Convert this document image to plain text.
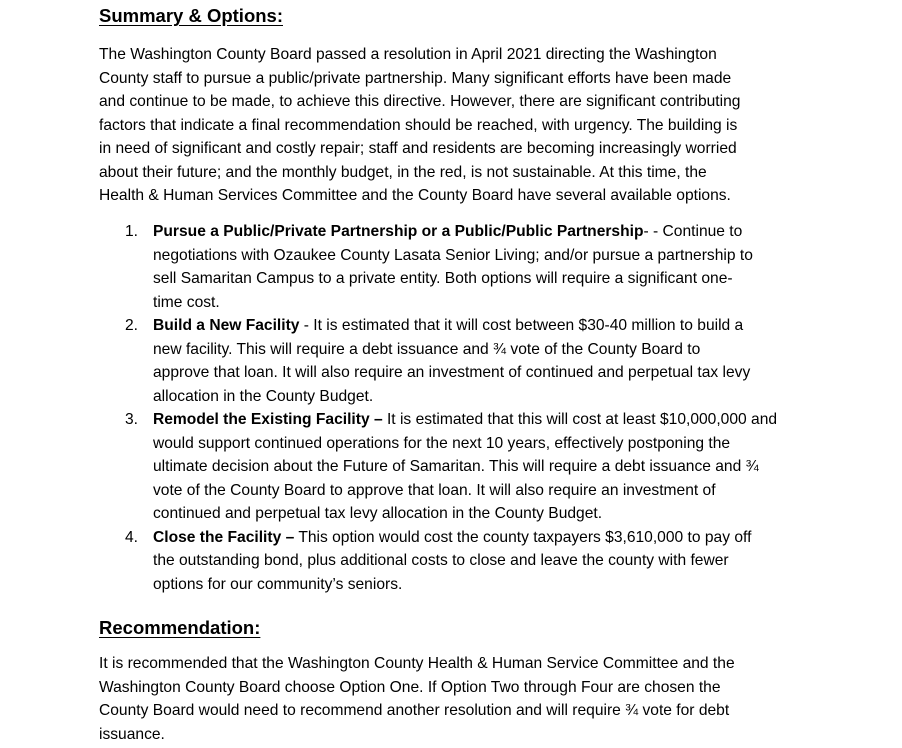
Summary & Options:
The Washington County Board passed a resolution in April 2021 directing the Washington
County staff to pursue a public/private partnership. Many significant efforts have been made
and continue to be made, to achieve this directive. However, there are significant contributing
factors that indicate a final recommendation should be reached, with urgency. The building is
in need of significant and costly repair; staff and residents are becoming increasingly worried
about their future; and the monthly budget, in the red, is not sustainable. At this time, the
Health & Human Services Committee and the County Board have several available options.
1. Pursue a Public/Private Partnership or a Public/Public Partnership- - Continue to
negotiations with Ozaukee County Lasata Senior Living; and/or pursue a partnership to
sell Samaritan Campus to a private entity. Both options will require a significant one-
time cost.
2. Build a New Facility - It is estimated that it will cost between $30-40 million to build a
new facility. This will require a debt issuance and ¾ vote of the County Board to
approve that loan. It will also require an investment of continued and perpetual tax levy
allocation in the County Budget.
3. Remodel the Existing Facility – It is estimated that this will cost at least $10,000,000 and
would support continued operations for the next 10 years, effectively postponing the
ultimate decision about the Future of Samaritan. This will require a debt issuance and ¾
vote of the County Board to approve that loan. It will also require an investment of
continued and perpetual tax levy allocation in the County Budget.
4. Close the Facility – This option would cost the county taxpayers $3,610,000 to pay off
the outstanding bond, plus additional costs to close and leave the county with fewer
options for our community’s seniors.
Recommendation:
It is recommended that the Washington County Health & Human Service Committee and the
Washington County Board choose Option One. If Option Two through Four are chosen the
County Board would need to recommend another resolution and will require ¾ vote for debt
issuance.
